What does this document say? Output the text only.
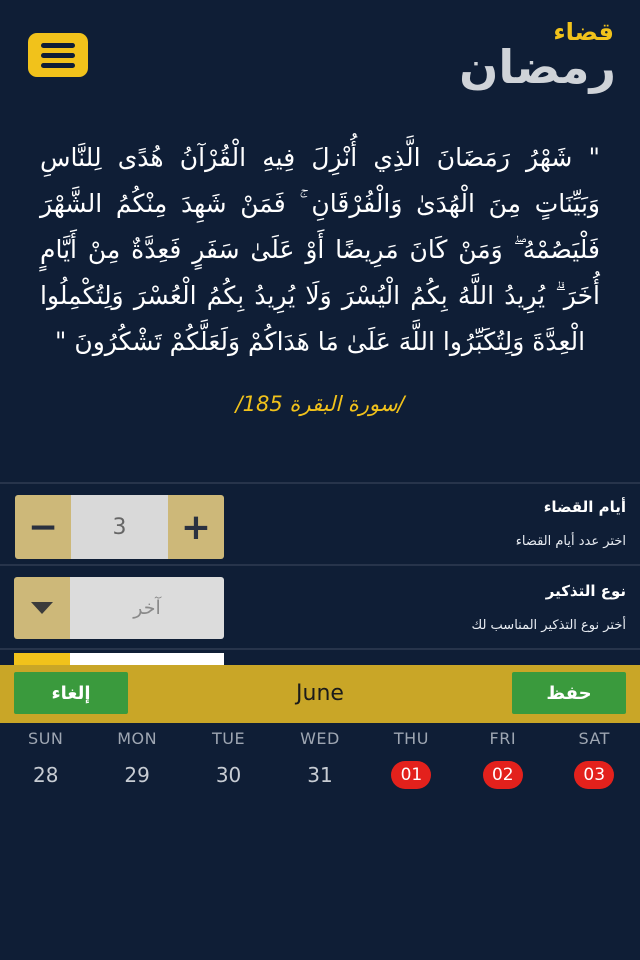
قضاء
رمضان
" شَهْرُ رَمَضَانَ الَّذِي أُنْزِلَ فِيهِ الْقُرْآنُ هُدًى لِلنَّاسِ وَبَيِّنَاتٍ مِنَ الْهُدَىٰ وَالْفُرْقَانِ ۚ فَمَنْ شَهِدَ مِنْكُمُ الشَّهْرَ فَلْيَصُمْهُ ۖ وَمَنْ كَانَ مَرِيضًا أَوْ عَلَىٰ سَفَرٍ فَعِدَّةٌ مِنْ أَيَّامٍ أُخَرَ ۗ يُرِيدُ اللَّهُ بِكُمُ الْيُسْرَ وَلَا يُرِيدُ بِكُمُ الْعُسْرَ وَلِتُكْمِلُوا الْعِدَّةَ وَلِتُكَبِّرُوا اللَّهَ عَلَىٰ مَا هَدَاكُمْ وَلَعَلَّكُمْ تَشْكُرُونَ "
/سورة البقرة 185/
أيام القضاء
اختر عدد أيام القضاء
−	3	+
نوع التذكير
أختر نوع التذكير المناسب لك
آخر
إلغاء	June	حفظ
SUN	MON	TUE	WED	THU	FRI	SAT
28	29	30	31	01	02	03
